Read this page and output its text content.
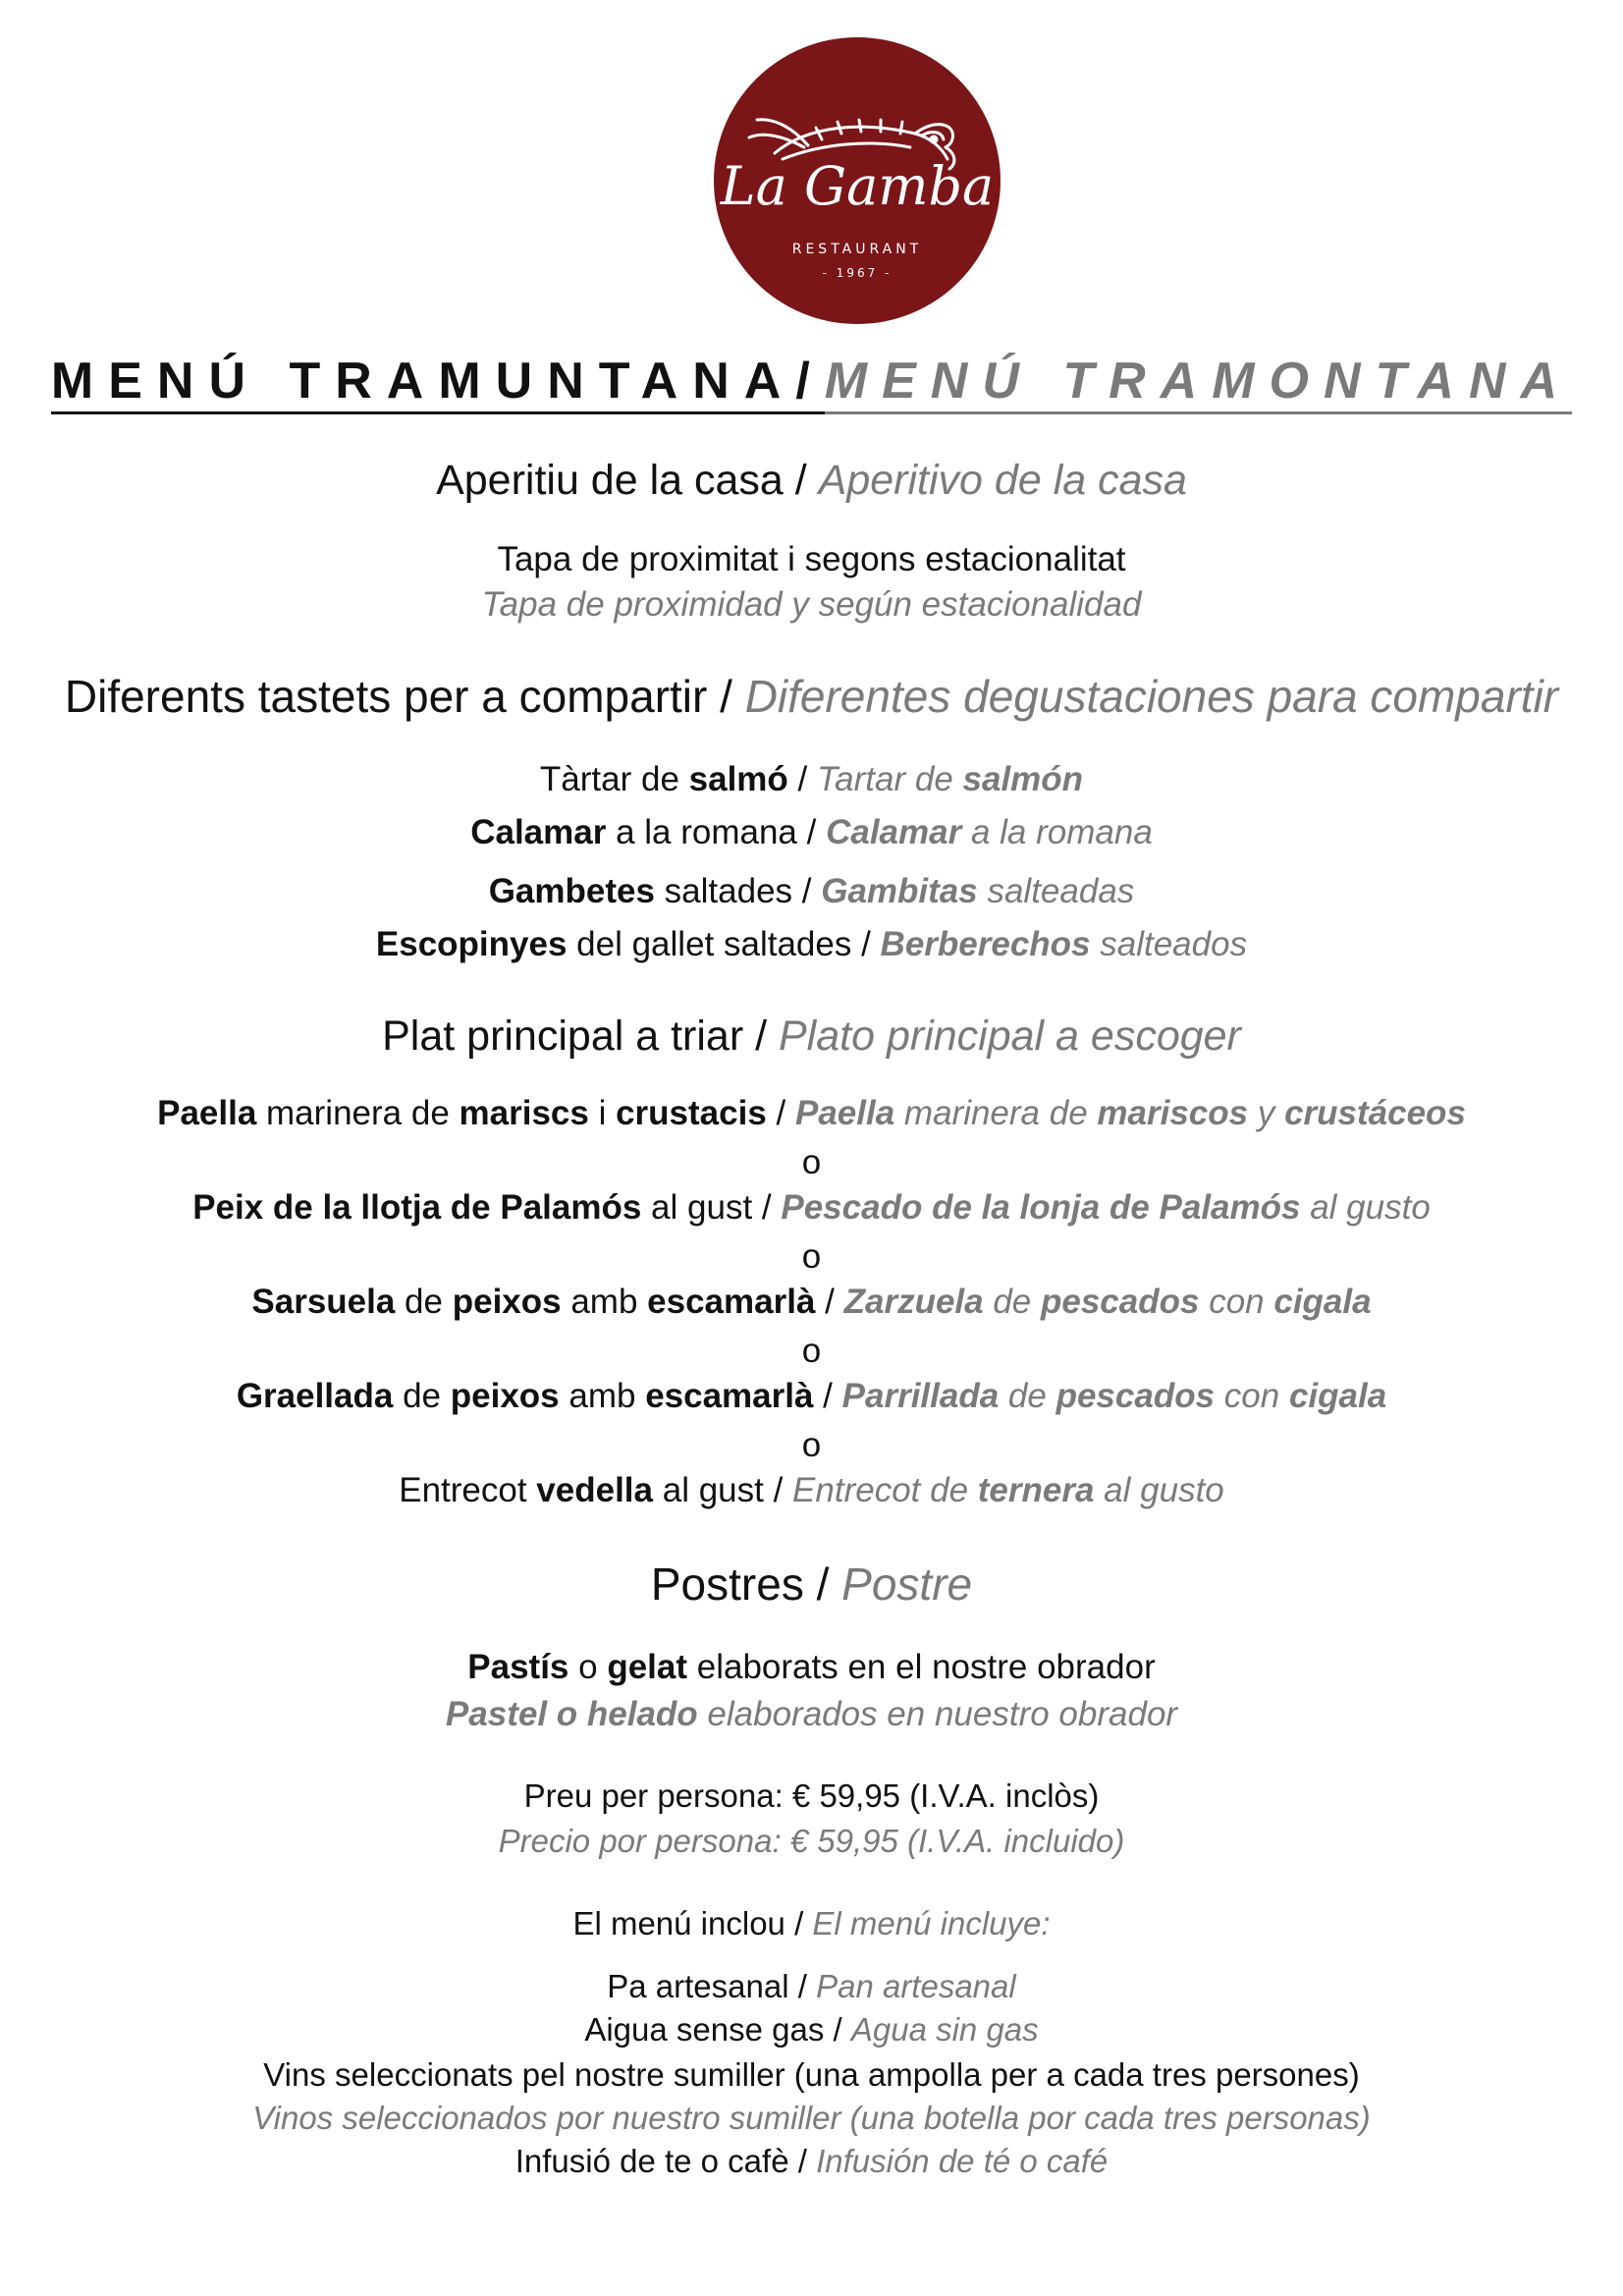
La Gamba
RESTAURANT
- 1967 -
MENÚ TRAMUNTANA/MENÚ TRAMONTANA
Aperitiu de la casa / Aperitivo de la casa
Tapa de proximitat i segons estacionalitat
Tapa de proximidad y según estacionalidad
Diferents tastets per a compartir / Diferentes degustaciones para compartir
Tàrtar de salmó / Tartar de salmón
Calamar a la romana / Calamar a la romana
Gambetes saltades / Gambitas salteadas
Escopinyes del gallet saltades / Berberechos salteados
Plat principal a triar / Plato principal a escoger
Paella marinera de mariscs i crustacis / Paella marinera de mariscos y crustáceos
o
Peix de la llotja de Palamós al gust / Pescado de la lonja de Palamós al gusto
o
Sarsuela de peixos amb escamarlà / Zarzuela de pescados con cigala
o
Graellada de peixos amb escamarlà / Parrillada de pescados con cigala
o
Entrecot vedella al gust / Entrecot de ternera al gusto
Postres / Postre
Pastís o gelat elaborats en el nostre obrador
Pastel o helado elaborados en nuestro obrador
Preu per persona: € 59,95 (I.V.A. inclòs)
Precio por persona: € 59,95 (I.V.A. incluido)
El menú inclou / El menú incluye:
Pa artesanal / Pan artesanal
Aigua sense gas / Agua sin gas
Vins seleccionats pel nostre sumiller (una ampolla per a cada tres persones)
Vinos seleccionados por nuestro sumiller (una botella por cada tres personas)
Infusió de te o cafè / Infusión de té o café
